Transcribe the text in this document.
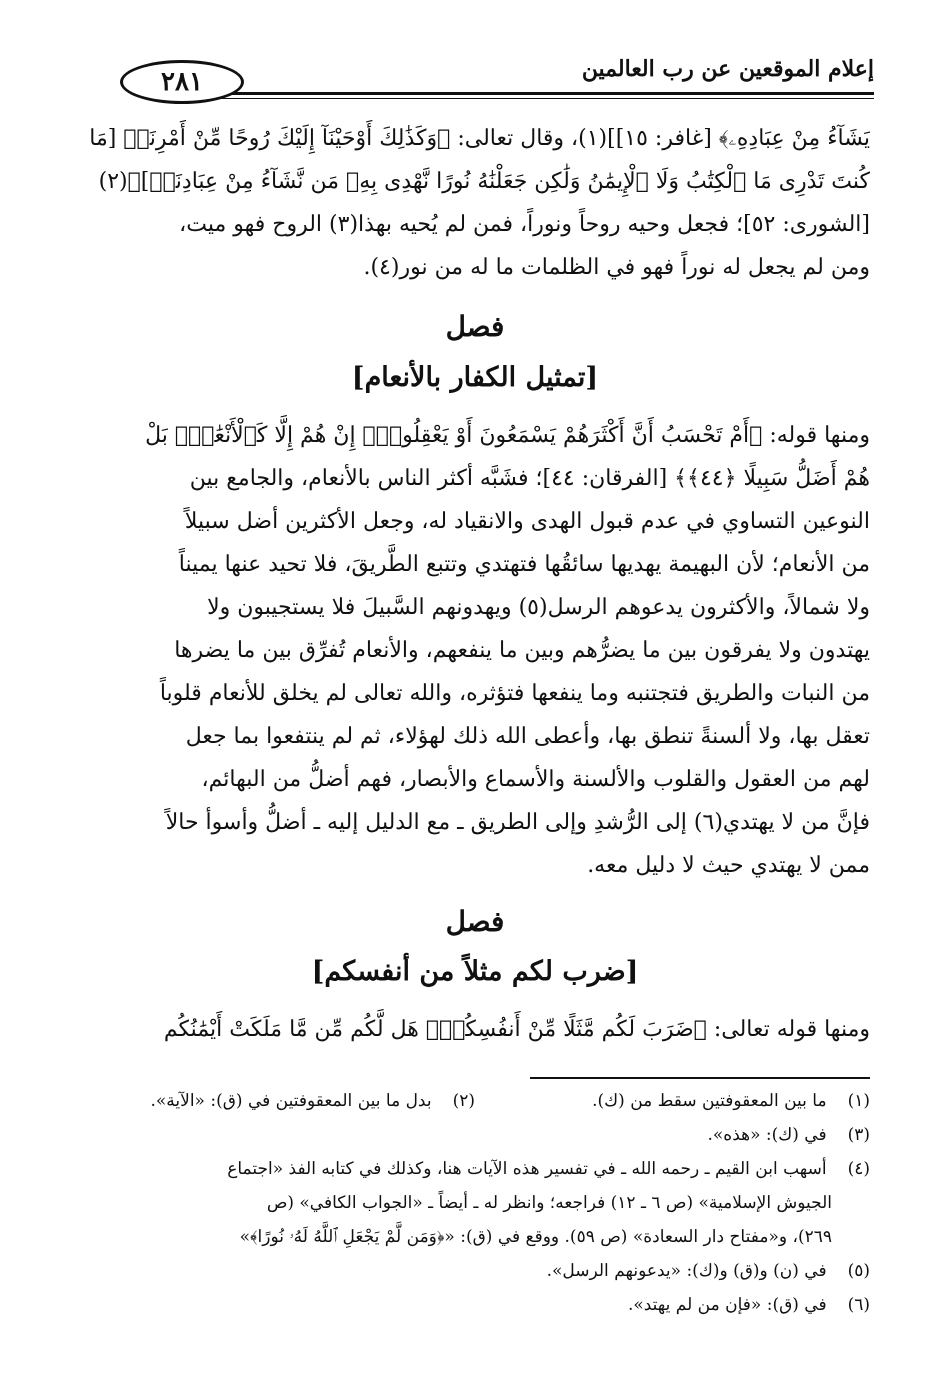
إعلام الموقعين عن رب العالمين
٢٨١
يَشَآءُ مِنْ عِبَادِهِۦ﴾ [غافر: ١٥]](١)، وقال تعالى: ﴿وَكَذَٰلِكَ أَوْحَيْنَآ إِلَيْكَ رُوحًا مِّنْ أَمْرِنَاۚ [مَا
كُنتَ تَدْرِى مَا ٱلْكِتَٰبُ وَلَا ٱلْإِيمَٰنُ وَلَٰكِن جَعَلْنَٰهُ نُورًا نَّهْدِى بِهِۦ مَن نَّشَآءُ مِنْ عِبَادِنَاۚ]﴾(٢)
[الشورى: ٥٢]؛ فجعل وحيه روحاً ونوراً، فمن لم يُحيه بهذا(٣) الروح فهو ميت،
ومن لم يجعل له نوراً فهو في الظلمات ما له من نور(٤).
فصل
[تمثيل الكفار بالأنعام]
ومنها قوله: ﴿أَمْ تَحْسَبُ أَنَّ أَكْثَرَهُمْ يَسْمَعُونَ أَوْ يَعْقِلُونَۚ إِنْ هُمْ إِلَّا كَٱلْأَنْعَٰمِۖ بَلْ
هُمْ أَضَلُّ سَبِيلًا ﴿٤٤﴾﴾ [الفرقان: ٤٤]؛ فشَبَّه أكثر الناس بالأنعام، والجامع بين
النوعين التساوي في عدم قبول الهدى والانقياد له، وجعل الأكثرين أضل سبيلاً
من الأنعام؛ لأن البهيمة يهديها سائقُها فتهتدي وتتبع الطَّريقَ، فلا تحيد عنها يميناً
ولا شمالاً، والأكثرون يدعوهم الرسل(٥) ويهدونهم السَّبيلَ فلا يستجيبون ولا
يهتدون ولا يفرقون بين ما يضرُّهم وبين ما ينفعهم، والأنعام تُفرِّق بين ما يضرها
من النبات والطريق فتجتنبه وما ينفعها فتؤثره، والله تعالى لم يخلق للأنعام قلوباً
تعقل بها، ولا ألسنةً تنطق بها، وأعطى الله ذلك لهؤلاء، ثم لم ينتفعوا بما جعل
لهم من العقول والقلوب والألسنة والأسماع والأبصار، فهم أضلُّ من البهائم،
فإنَّ من لا يهتدي(٦) إلى الرُّشدِ وإلى الطريق ـ مع الدليل إليه ـ أضلُّ وأسوأ حالاً
ممن لا يهتدي حيث لا دليل معه.
فصل
[ضرب لكم مثلاً من أنفسكم]
ومنها قوله تعالى: ﴿ضَرَبَ لَكُم مَّثَلًا مِّنْ أَنفُسِكُمْۖ هَل لَّكُم مِّن مَّا مَلَكَتْ أَيْمَٰنُكُم
(١) ما بين المعقوفتين سقط من (ك).
(٢) بدل ما بين المعقوفتين في (ق): «الآية».
(٣) في (ك): «هذه».
(٤) أسهب ابن القيم ـ رحمه الله ـ في تفسير هذه الآيات هنا، وكذلك في كتابه الفذ «اجتماع
الجيوش الإسلامية» (ص ٦ ـ ١٢) فراجعه؛ وانظر له ـ أيضاً ـ «الجواب الكافي» (ص
٢٦٩)، و«مفتاح دار السعادة» (ص ٥٩). ووقع في (ق): «﴿وَمَن لَّمْ يَجْعَلِ ٱللَّهُ لَهُۥ نُورًا﴾»
(٥) في (ن) و(ق) و(ك): «يدعونهم الرسل».
(٦) في (ق): «فإن من لم يهتد».
